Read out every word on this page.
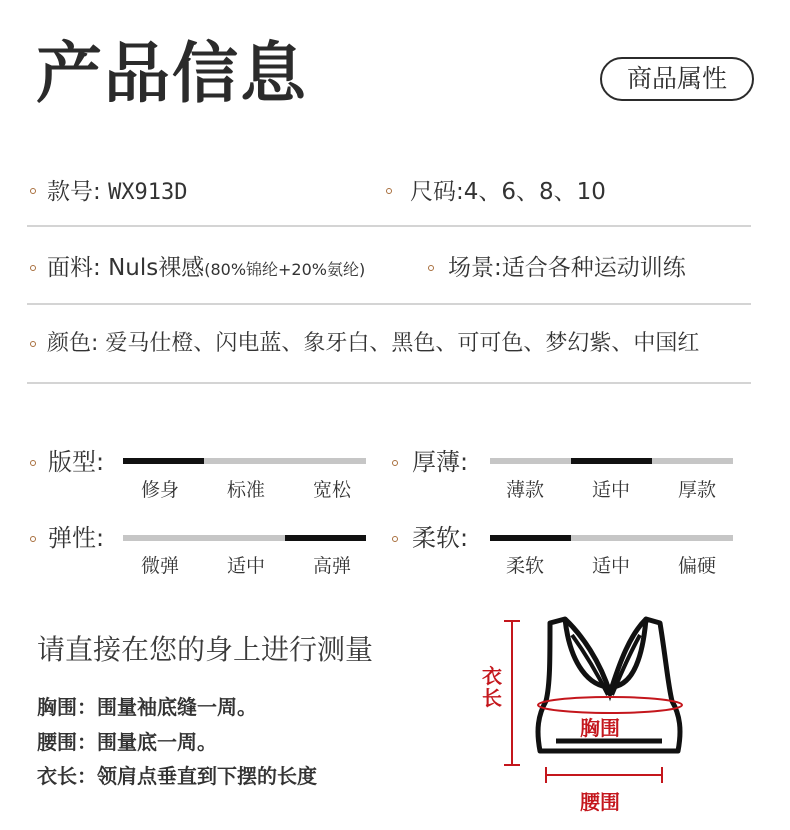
产品信息	商品属性
款号: WX913D	尺码:4、6、8、10
面料: Nuls裸感(80%锦纶+20%氨纶)	场景:适合各种运动训练
颜色: 爱马仕橙、闪电蓝、象牙白、黑色、可可色、梦幻紫、中国红
版型:
修身	标准	宽松
厚薄:
薄款	适中	厚款
弹性:
微弹	适中	高弹
柔软:
柔软	适中	偏硬
请直接在您的身上进行测量
胸围：围量袖底缝一周。
腰围：围量底一周。
衣长：领肩点垂直到下摆的长度
衣长
胸围
腰围
